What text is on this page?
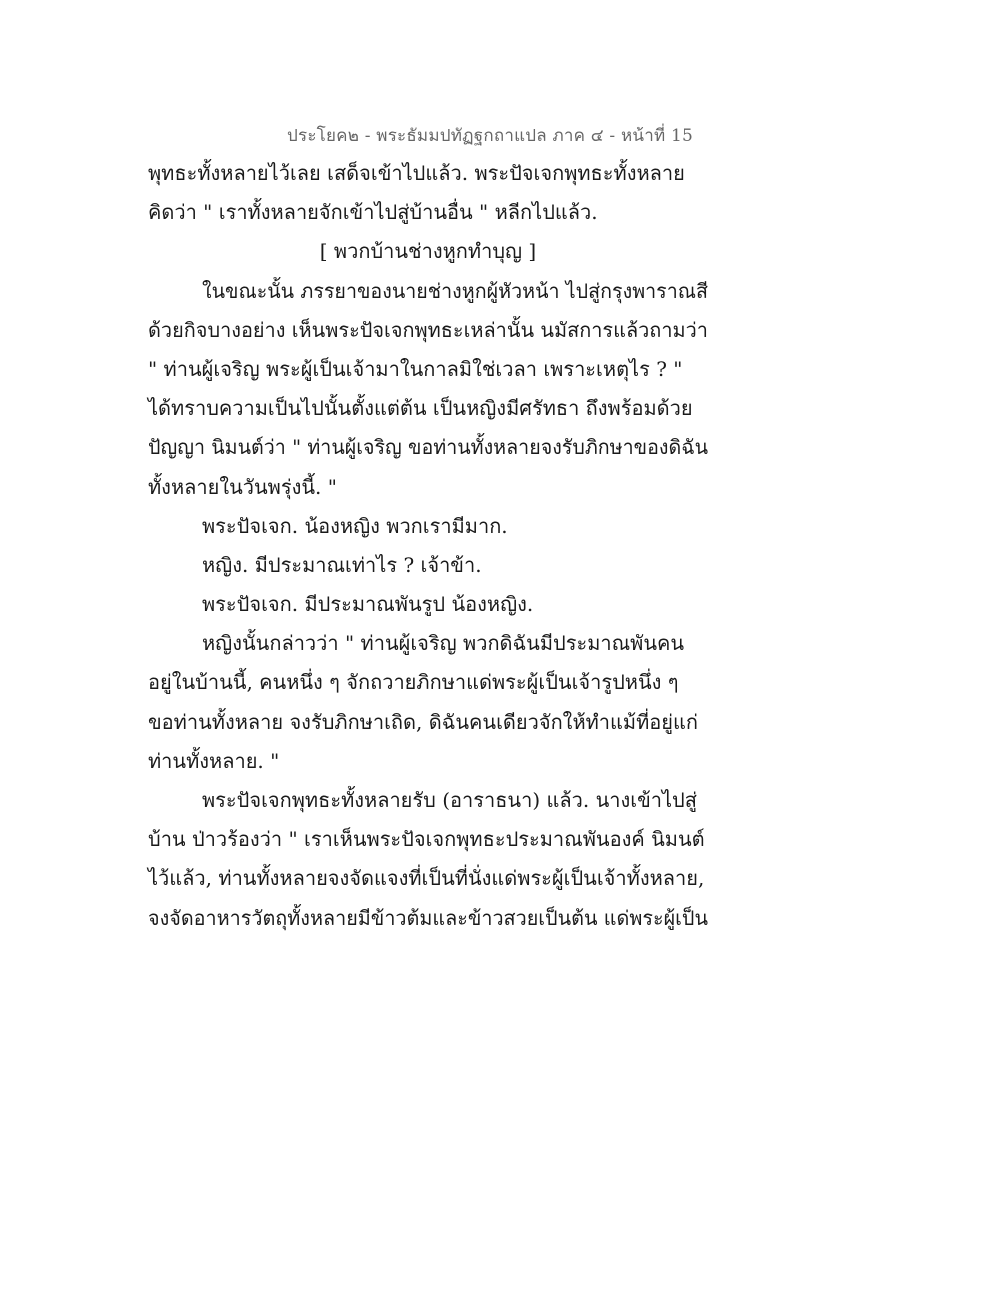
ประโยค๒ - พระธัมมปทัฏฐกถาแปล ภาค ๔ - หน้าที่ 15
พุทธะทั้งหลายไว้เลย เสด็จเข้าไปแล้ว. พระปัจเจกพุทธะทั้งหลาย
คิดว่า " เราทั้งหลายจักเข้าไปสู่บ้านอื่น " หลีกไปแล้ว.
[ พวกบ้านช่างหูกทำบุญ ]
ในขณะนั้น ภรรยาของนายช่างหูกผู้หัวหน้า ไปสู่กรุงพาราณสี
ด้วยกิจบางอย่าง เห็นพระปัจเจกพุทธะเหล่านั้น นมัสการแล้วถามว่า
" ท่านผู้เจริญ พระผู้เป็นเจ้ามาในกาลมิใช่เวลา เพราะเหตุไร ? "
ได้ทราบความเป็นไปนั้นตั้งแต่ต้น เป็นหญิงมีศรัทธา ถึงพร้อมด้วย
ปัญญา นิมนต์ว่า " ท่านผู้เจริญ ขอท่านทั้งหลายจงรับภิกษาของดิฉัน
ทั้งหลายในวันพรุ่งนี้. "
พระปัจเจก. น้องหญิง พวกเรามีมาก.
หญิง. มีประมาณเท่าไร ? เจ้าข้า.
พระปัจเจก. มีประมาณพันรูป น้องหญิง.
หญิงนั้นกล่าวว่า " ท่านผู้เจริญ พวกดิฉันมีประมาณพันคน
อยู่ในบ้านนี้, คนหนึ่ง ๆ จักถวายภิกษาแด่พระผู้เป็นเจ้ารูปหนึ่ง ๆ
ขอท่านทั้งหลาย จงรับภิกษาเถิด, ดิฉันคนเดียวจักให้ทำแม้ที่อยู่แก่
ท่านทั้งหลาย. "
พระปัจเจกพุทธะทั้งหลายรับ (อาราธนา) แล้ว. นางเข้าไปสู่
บ้าน ป่าวร้องว่า " เราเห็นพระปัจเจกพุทธะประมาณพันองค์ นิมนต์
ไว้แล้ว, ท่านทั้งหลายจงจัดแจงที่เป็นที่นั่งแด่พระผู้เป็นเจ้าทั้งหลาย,
จงจัดอาหารวัตถุทั้งหลายมีข้าวต้มและข้าวสวยเป็นต้น แด่พระผู้เป็น
